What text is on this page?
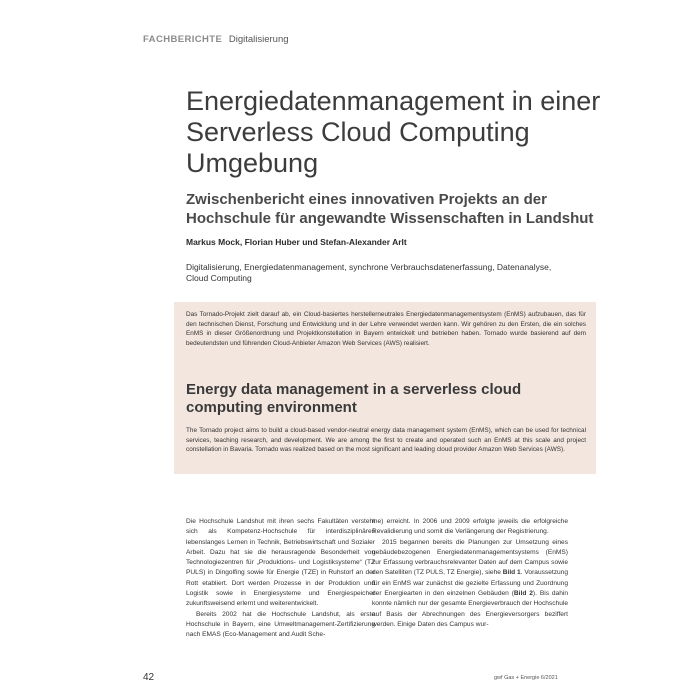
FACHBERICHTE Digitalisierung
Energiedatenmanagement in einer Serverless Cloud Computing Umgebung
Zwischenbericht eines innovativen Projekts an der Hochschule für angewandte Wissenschaften in Landshut
Markus Mock, Florian Huber und Stefan-Alexander Arlt
Digitalisierung, Energiedatenmanagement, synchrone Verbrauchsdatenerfassung, Datenanalyse, Cloud Computing
Das Tornado-Projekt zielt darauf ab, ein Cloud-basiertes herstellerneutrales Energiedatenmanagementsystem (EnMS) aufzubauen, das für den technischen Dienst, Forschung und Entwicklung und in der Lehre verwendet werden kann. Wir gehören zu den Ersten, die ein solches EnMS in dieser Größenordnung und Projektkonstellation in Bayern entwickelt und betrieben haben. Tornado wurde basierend auf dem bedeutendsten und führenden Cloud-Anbieter Amazon Web Services (AWS) realisiert.
Energy data management in a serverless cloud computing environment
The Tornado project aims to build a cloud-based vendor-neutral energy data management system (EnMS), which can be used for technical services, teaching research, and development. We are among the first to create and operated such an EnMS at this scale and project constellation in Bavaria. Tornado was realized based on the most significant and leading cloud provider Amazon Web Services (AWS).

Die Hochschule Landshut mit ihren sechs Fakultäten versteht sich als Kompetenz-Hochschule für interdisziplinäres lebenslanges Lernen in Technik, Betriebswirtschaft und Sozialer Arbeit. Dazu hat sie die herausragende Besonderheit von Technologiezentren für „Produktions- und Logistiksysteme“ (TZ PULS) in Dingolfing sowie für Energie (TZE) in Ruhstorf an der Rott etabliert. Dort werden Prozesse in der Produktion und Logistik sowie in Energiesysteme und Energiespeicher zukunftsweisend erlernt und weiterentwickelt.

Bereits 2002 hat die Hochschule Landshut, als erste Hochschule in Bayern, eine Umweltmanagement-Zertifizierung nach EMAS (Eco-Management and Audit Sche-

me) erreicht. In 2006 und 2009 erfolgte jeweils die erfolgreiche Revalidierung und somit die Verlängerung der Registrierung.

2015 begannen bereits die Planungen zur Umsetzung eines gebäudebezogenen Energiedatenmanagementsystems (EnMS) zur Erfassung verbrauchsrelevanter Daten auf dem Campus sowie den Satelliten (TZ PULS, TZ Energie), siehe Bild 1. Voraussetzung für ein EnMS war zunächst die gezielte Erfassung und Zuordnung der Energiearten in den einzelnen Gebäuden (Bild 2). Bis dahin konnte nämlich nur der gesamte Energieverbrauch der Hochschule auf Basis der Abrechnungen des Energieversorgers beziffert werden. Einige Daten des Campus wur-

42	gwf Gas + Energie 6/2021
